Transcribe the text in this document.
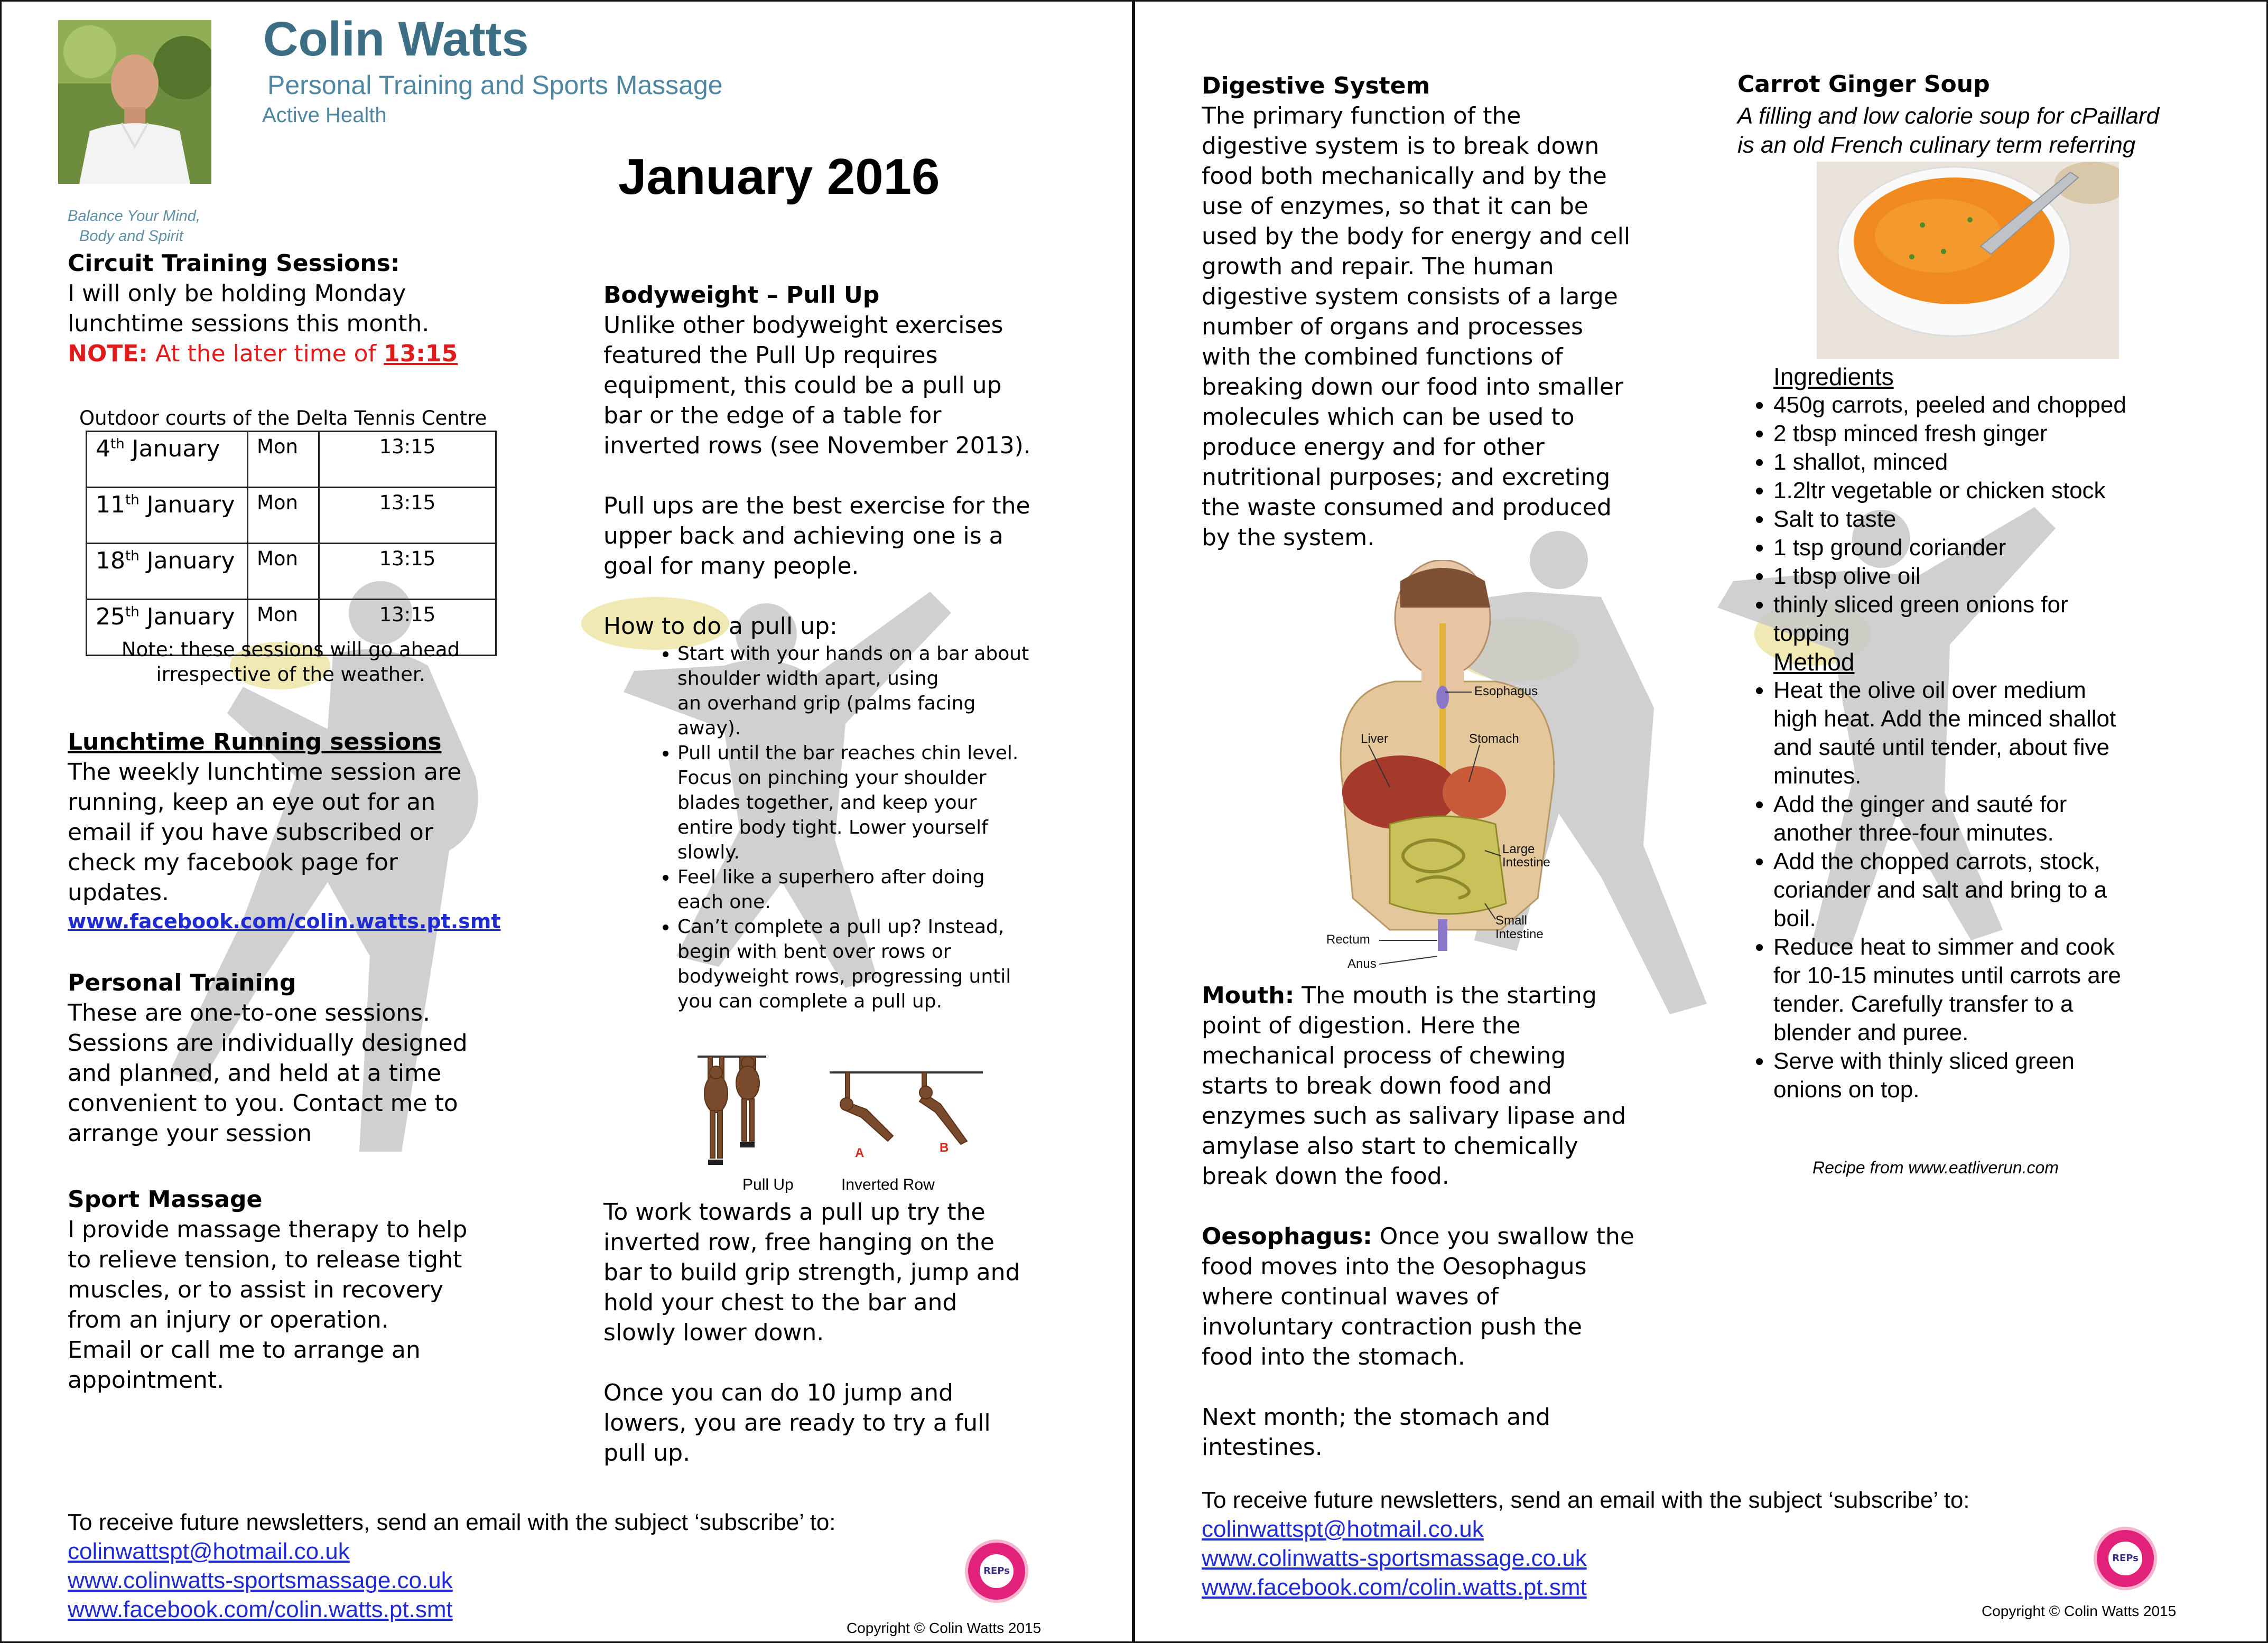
Colin Watts
Personal Training and Sports Massage
Active Health
Balance Your Mind,
Body and Spirit
January 2016
Circuit Training Sessions:
I will only be holding Monday
lunchtime sessions this month.
NOTE: At the later time of 13:15
Outdoor courts of the Delta Tennis Centre
4th January	Mon	13:15
11th January	Mon	13:15
18th January	Mon	13:15
25th January	Mon	13:15
Note: these sessions will go ahead
irrespective of the weather.
Lunchtime Running sessions
The weekly lunchtime session are
running, keep an eye out for an
email if you have subscribed or
check my facebook page for
updates.
www.facebook.com/colin.watts.pt.smt
Personal Training
These are one-to-one sessions.
Sessions are individually designed
and planned, and held at a time
convenient to you. Contact me to
arrange your session
Sport Massage
I provide massage therapy to help
to relieve tension, to release tight
muscles, or to assist in recovery
from an injury or operation.
Email or call me to arrange an
appointment.
Bodyweight – Pull Up
Unlike other bodyweight exercises
featured the Pull Up requires
equipment, this could be a pull up
bar or the edge of a table for
inverted rows (see November 2013).
Pull ups are the best exercise for the
upper back and achieving one is a
goal for many people.
How to do a pull up:
• Start with your hands on a bar about
shoulder width apart, using
an overhand grip (palms facing
away).
• Pull until the bar reaches chin level.
Focus on pinching your shoulder
blades together, and keep your
entire body tight. Lower yourself
slowly.
• Feel like a superhero after doing
each one.
• Can’t complete a pull up? Instead,
begin with bent over rows or
bodyweight rows, progressing until
you can complete a pull up.
A	B
Pull Up	Inverted Row
To work towards a pull up try the
inverted row, free hanging on the
bar to build grip strength, jump and
hold your chest to the bar and
slowly lower down.
Once you can do 10 jump and
lowers, you are ready to try a full
pull up.
To receive future newsletters, send an email with the subject ‘subscribe’ to:
colinwattspt@hotmail.co.uk
www.colinwatts-sportsmassage.co.uk
www.facebook.com/colin.watts.pt.smt
REPs
Copyright © Colin Watts 2015
Digestive System
The primary function of the
digestive system is to break down
food both mechanically and by the
use of enzymes, so that it can be
used by the body for energy and cell
growth and repair. The human
digestive system consists of a large
number of organs and processes
with the combined functions of
breaking down our food into smaller
molecules which can be used to
produce energy and for other
nutritional purposes; and excreting
the waste consumed and produced
by the system.
Esophagus
Liver	Stomach
Large
Intestine
Small
Intestine
Rectum
Anus
Mouth: The mouth is the starting
point of digestion. Here the
mechanical process of chewing
starts to break down food and
enzymes such as salivary lipase and
amylase also start to chemically
break down the food.
Oesophagus: Once you swallow the
food moves into the Oesophagus
where continual waves of
involuntary contraction push the
food into the stomach.
Next month; the stomach and
intestines.
Carrot Ginger Soup
A filling and low calorie soup for cPaillard
is an old French culinary term referring
Ingredients
• 450g carrots, peeled and chopped
• 2 tbsp minced fresh ginger
• 1 shallot, minced
• 1.2ltr vegetable or chicken stock
• Salt to taste
• 1 tsp ground coriander
• 1 tbsp olive oil
• thinly sliced green onions for
topping
Method
• Heat the olive oil over medium
high heat. Add the minced shallot
and sauté until tender, about five
minutes.
• Add the ginger and sauté for
another three-four minutes.
• Add the chopped carrots, stock,
coriander and salt and bring to a
boil.
• Reduce heat to simmer and cook
for 10-15 minutes until carrots are
tender. Carefully transfer to a
blender and puree.
• Serve with thinly sliced green
onions on top.
Recipe from www.eatliverun.com
To receive future newsletters, send an email with the subject ‘subscribe’ to:
colinwattspt@hotmail.co.uk
www.colinwatts-sportsmassage.co.uk
www.facebook.com/colin.watts.pt.smt
REPs
Copyright © Colin Watts 2015
